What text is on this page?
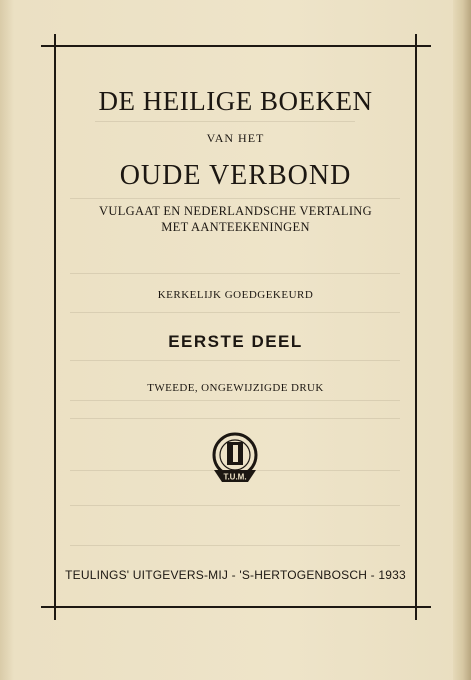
DE HEILIGE BOEKEN
VAN HET
OUDE VERBOND
VULGAAT EN NEDERLANDSCHE VERTALING
MET AANTEEKENINGEN
KERKELIJK GOEDGEKEURD
EERSTE DEEL
TWEEDE, ONGEWIJZIGDE DRUK
T.U.M.
TEULINGS' UITGEVERS-MIJ - 'S-HERTOGENBOSCH - 1933
